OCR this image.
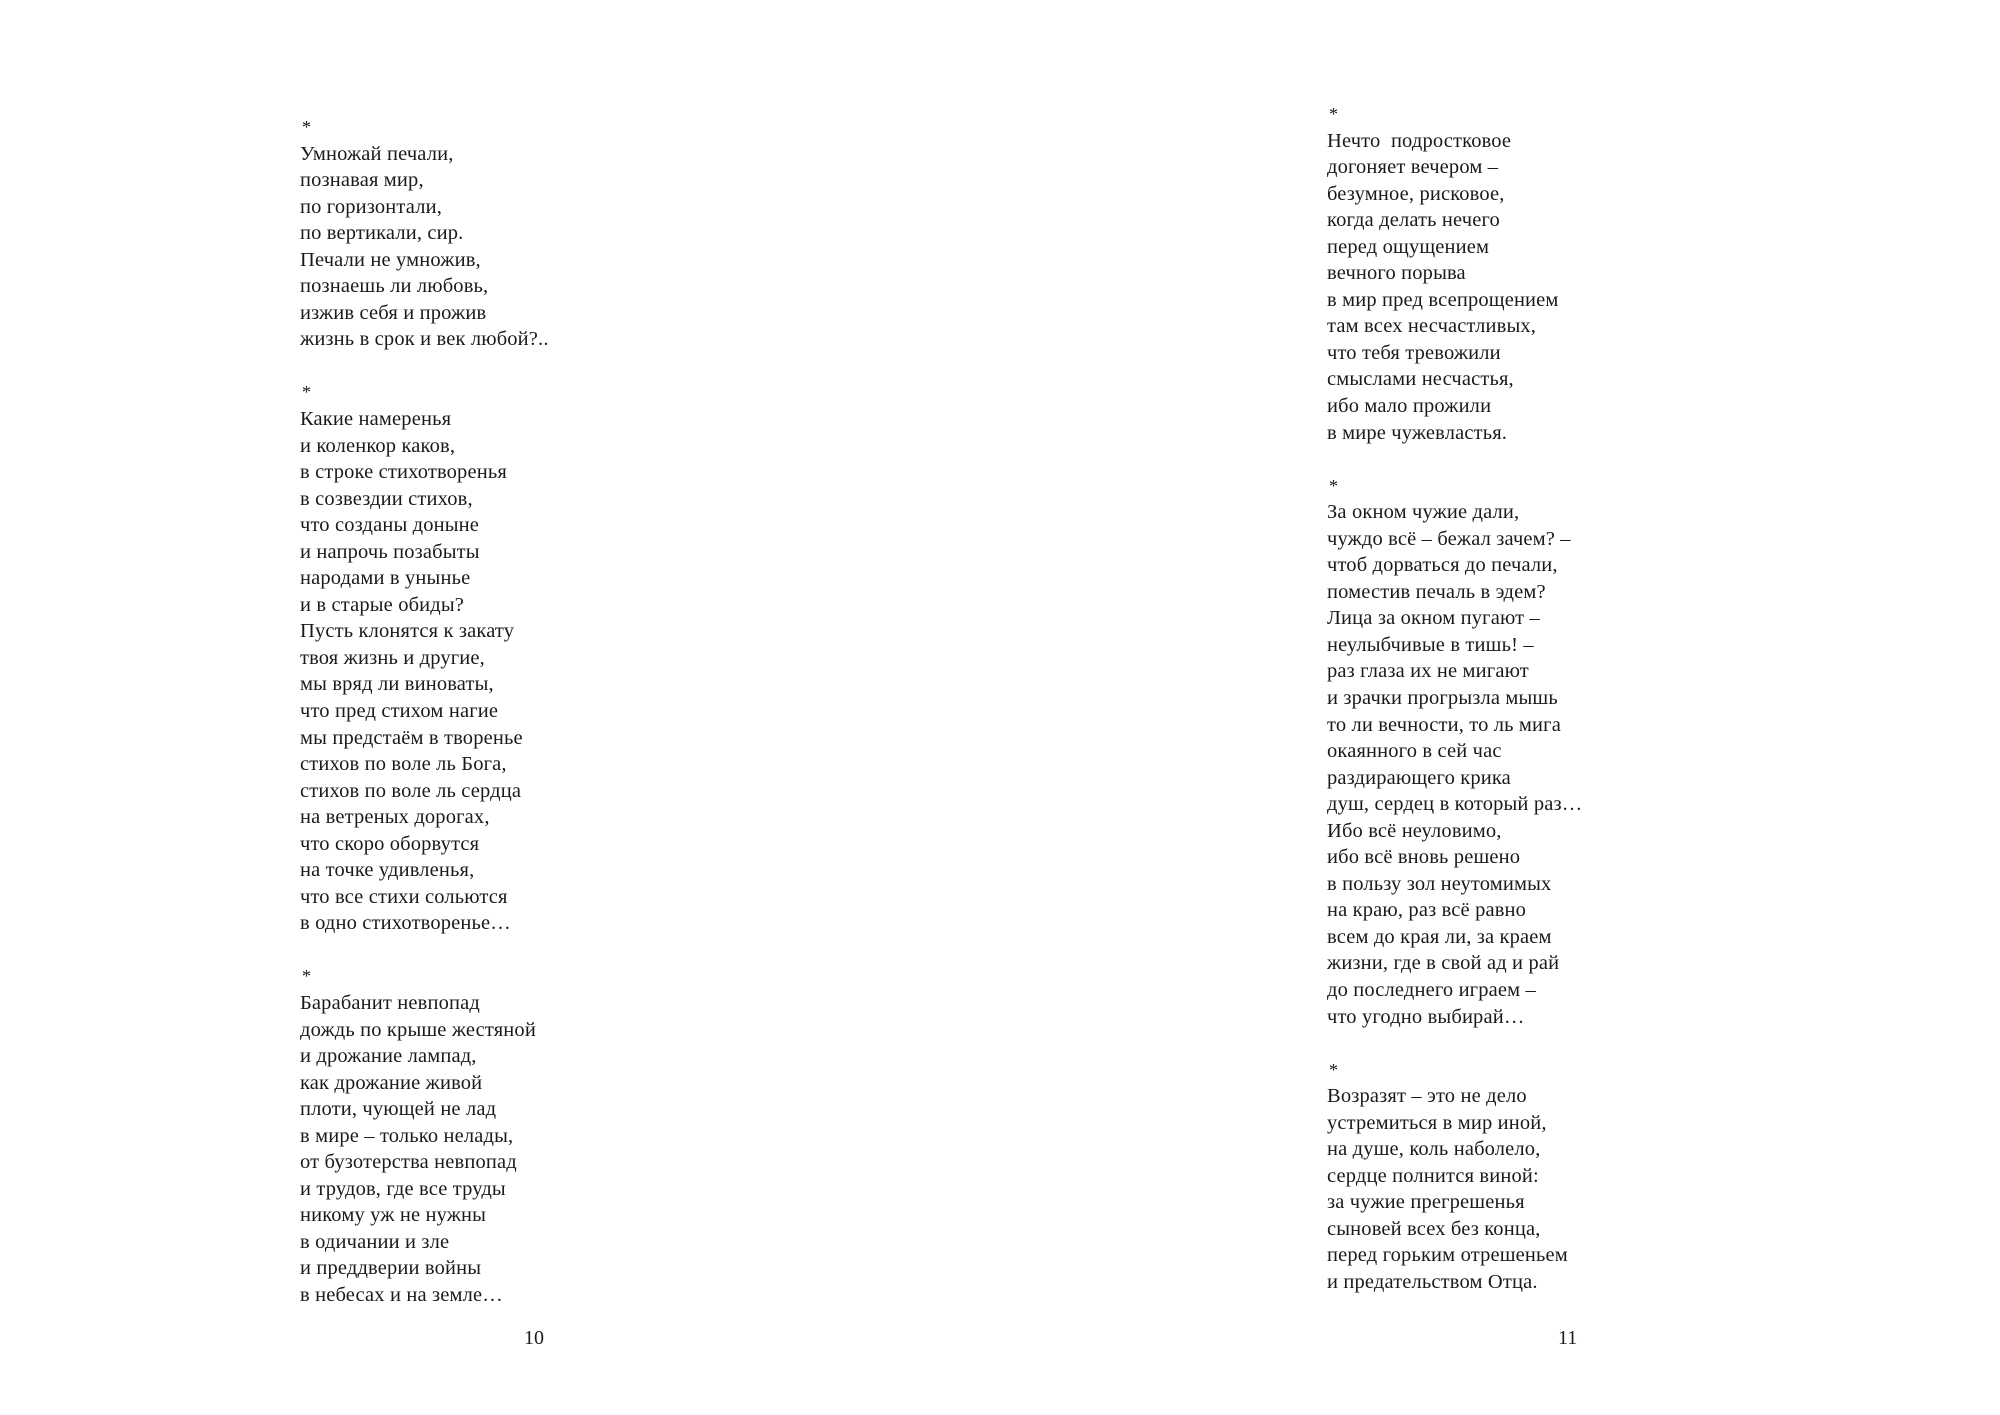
*
Умножай печали,
познавая мир,
по горизонтали,
по вертикали, сир.
Печали не умножив,
познаешь ли любовь,
изжив себя и прожив
жизнь в срок и век любой?..
*
Какие намеренья
и коленкор каков,
в строке стихотворенья
в созвездии стихов,
что созданы доныне
и напрочь позабыты
народами в унынье
и в старые обиды?
Пусть клонятся к закату
твоя жизнь и другие,
мы вряд ли виноваты,
что пред стихом нагие
мы предстаём в творенье
стихов по воле ль Бога,
стихов по воле ль сердца
на ветреных дорогах,
что скоро оборвутся
на точке удивленья,
что все стихи сольются
в одно стихотворенье…
*
Барабанит невпопад
дождь по крыше жестяной
и дрожание лампад,
как дрожание живой
плоти, чующей не лад
в мире – только нелады,
от бузотерства невпопад
и трудов, где все труды
никому уж не нужны
в одичании и зле
и преддверии войны
в небесах и на земле…
10
*
Нечто  подростковое
догоняет вечером –
безумное, рисковое,
когда делать нечего
перед ощущением
вечного порыва
в мир пред всепрощением
там всех несчастливых,
что тебя тревожили
смыслами несчастья,
ибо мало прожили
в мире чужевластья.
*
За окном чужие дали,
чуждо всё – бежал зачем? –
чтоб дорваться до печали,
поместив печаль в эдем?
Лица за окном пугают –
неулыбчивые в тишь! –
раз глаза их не мигают
и зрачки прогрызла мышь
то ли вечности, то ль мига
окаянного в сей час
раздирающего крика
душ, сердец в который раз…
Ибо всё неуловимо,
ибо всё вновь решено
в пользу зол неутомимых
на краю, раз всё равно
всем до края ли, за краем
жизни, где в свой ад и рай
до последнего играем –
что угодно выбирай…
*
Возразят – это не дело
устремиться в мир иной,
на душе, коль наболело,
сердце полнится виной:
за чужие прегрешенья
сыновей всех без конца,
перед горьким отрешеньем
и предательством Отца.
11
